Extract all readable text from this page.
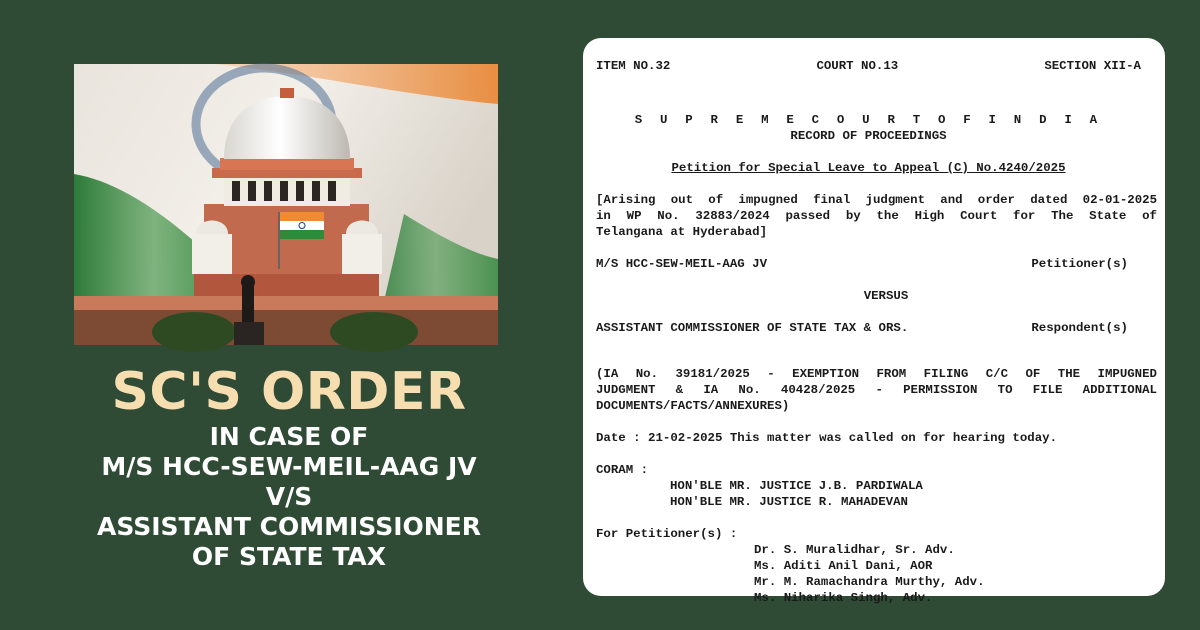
SC'S ORDER
IN CASE OF
M/S HCC-SEW-MEIL-AAG JV
V/S
ASSISTANT COMMISSIONER
OF STATE TAX
ITEM NO.32	COURT NO.13	SECTION XII-A
S U P R E M E C O U R T O F I N D I A
RECORD OF PROCEEDINGS
Petition for Special Leave to Appeal (C) No.4240/2025
[Arising out of impugned final judgment and order dated 02-01-2025
in WP No. 32883/2024 passed by the High Court for The State of
Telangana at Hyderabad]
M/S HCC-SEW-MEIL-AAG JV	Petitioner(s)
VERSUS
ASSISTANT COMMISSIONER OF STATE TAX & ORS.	Respondent(s)
(IA No. 39181/2025 - EXEMPTION FROM FILING C/C OF THE IMPUGNED
JUDGMENT & IA No. 40428/2025 - PERMISSION TO FILE ADDITIONAL
DOCUMENTS/FACTS/ANNEXURES)
Date : 21-02-2025 This matter was called on for hearing today.
CORAM :
HON'BLE MR. JUSTICE J.B. PARDIWALA
HON'BLE MR. JUSTICE R. MAHADEVAN
For Petitioner(s) :
Dr. S. Muralidhar, Sr. Adv.
Ms. Aditi Anil Dani, AOR
Mr. M. Ramachandra Murthy, Adv.
Ms. Niharika Singh, Adv.
